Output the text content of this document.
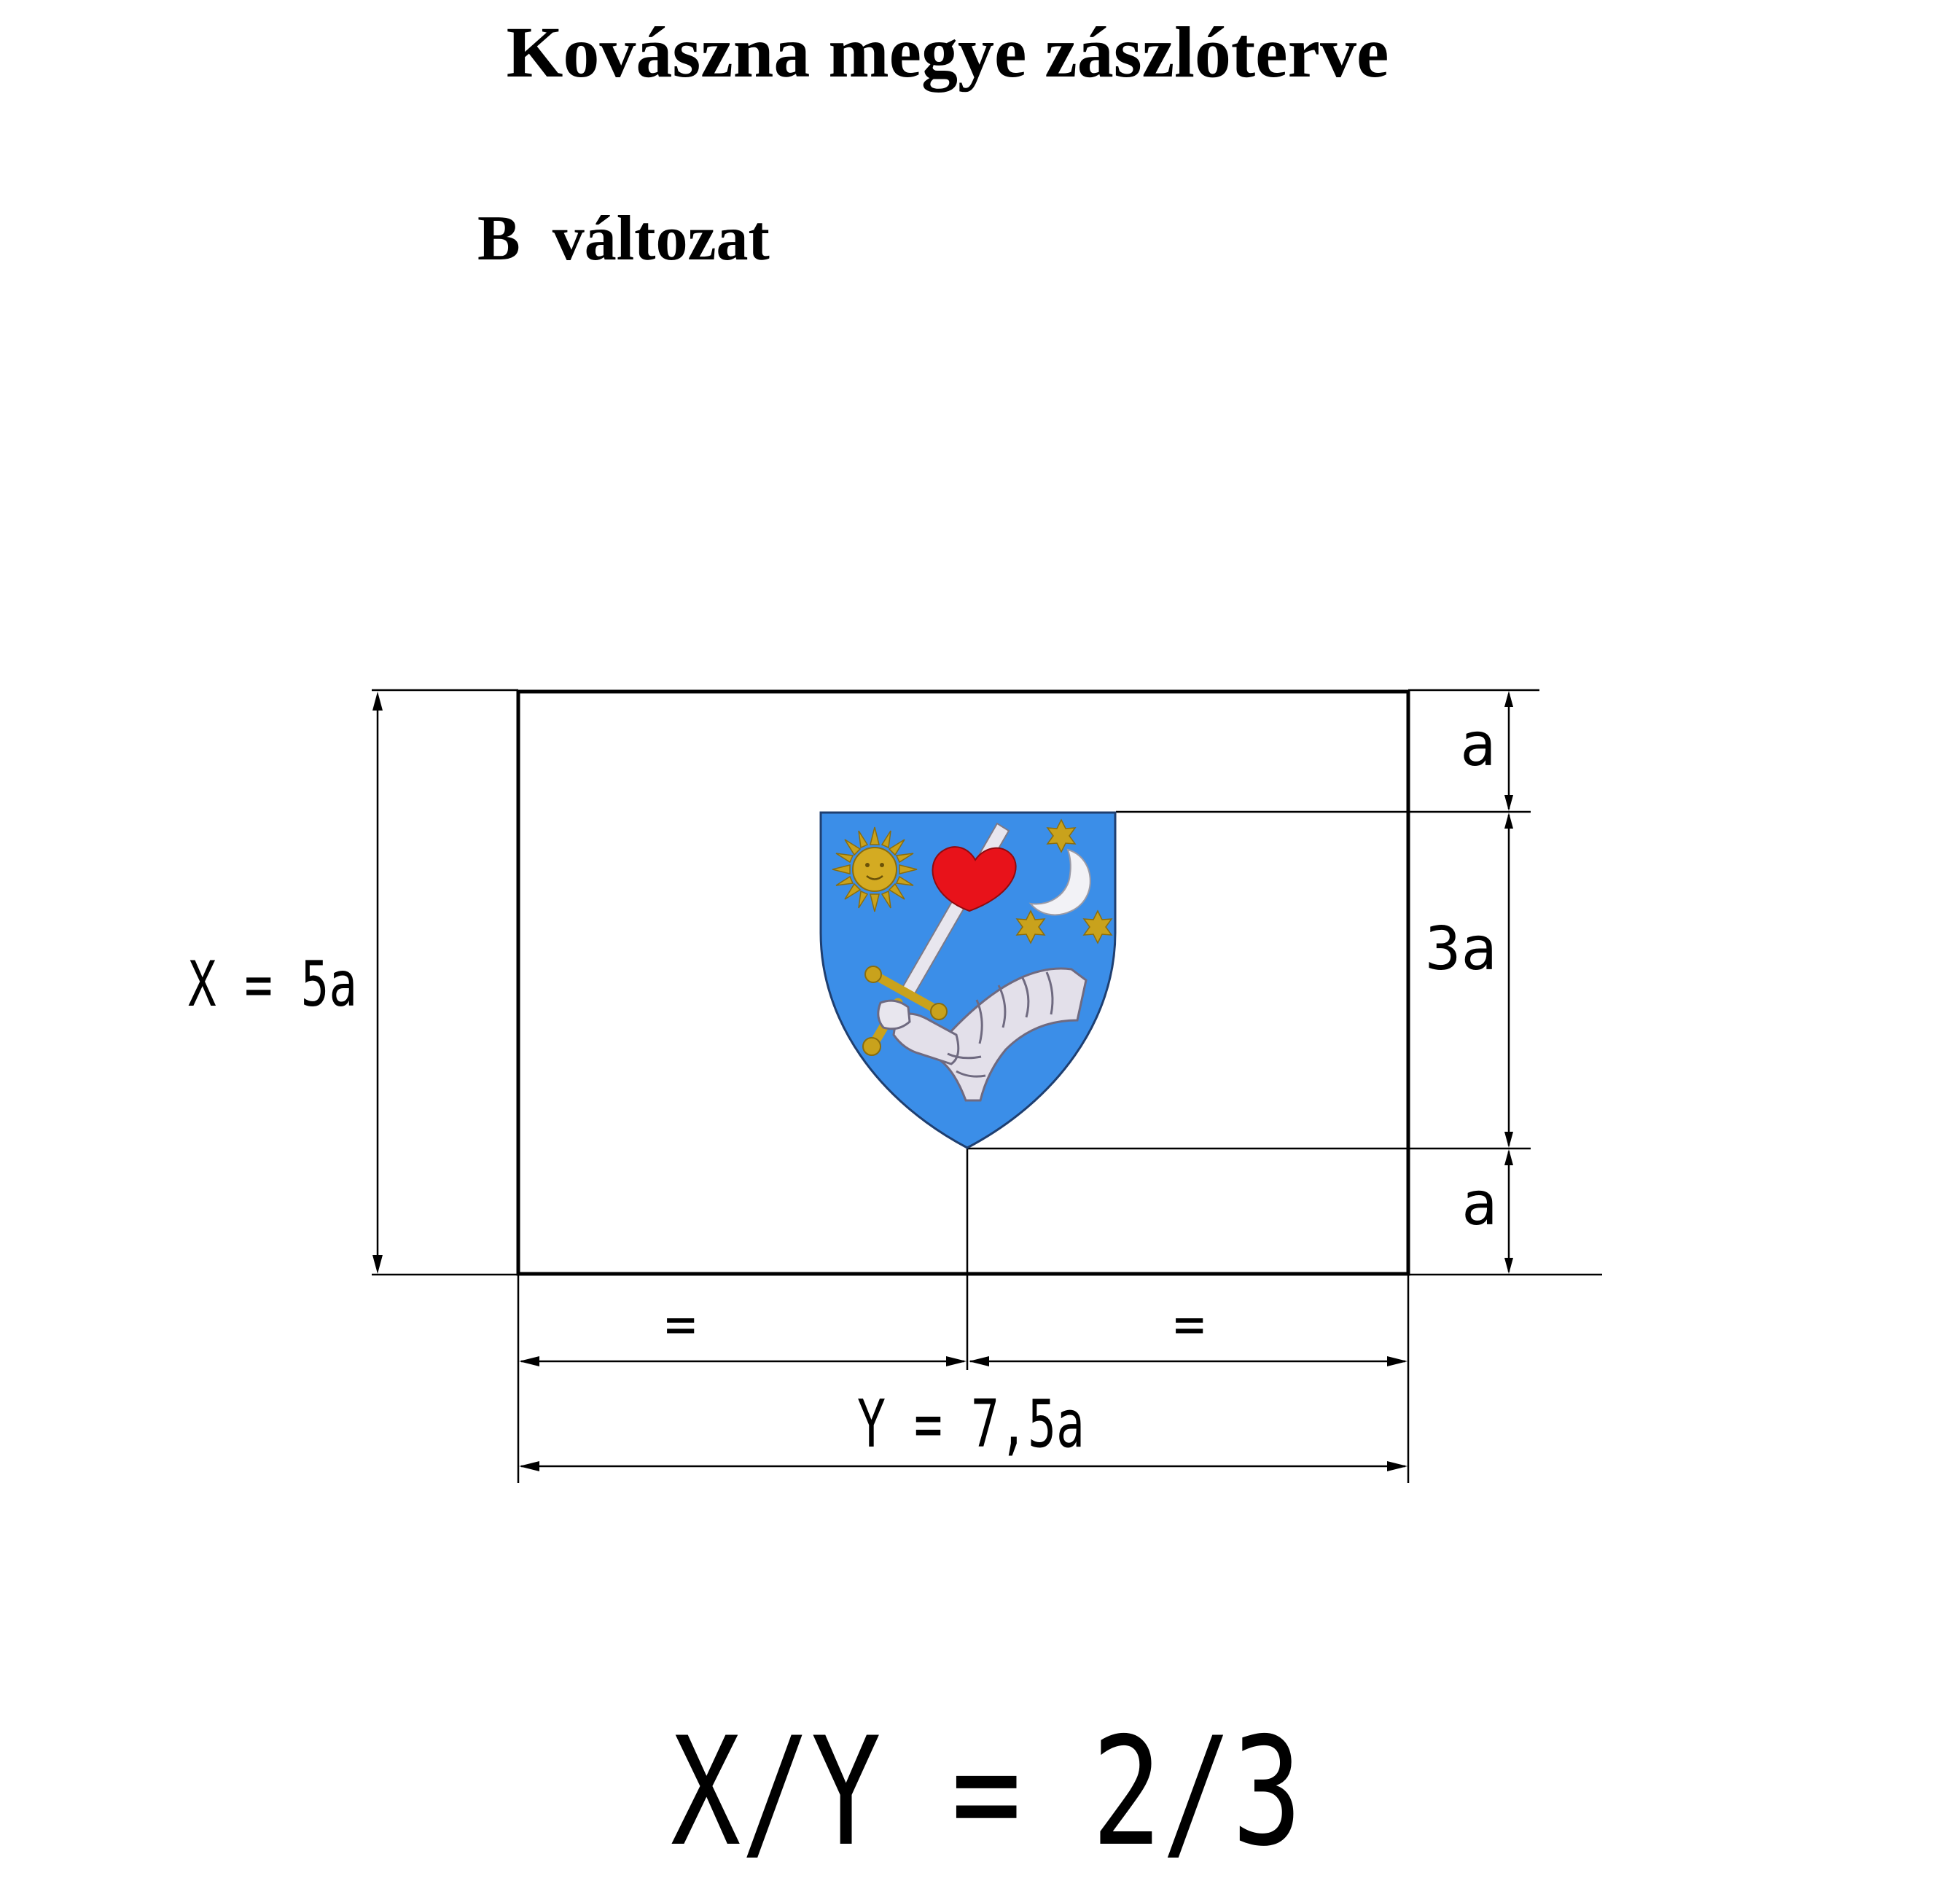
Kovászna megye zászlóterve
B  változat
X = 5a
a
3a
a
=	=
Y = 7,5a
X/Y = 2/3
